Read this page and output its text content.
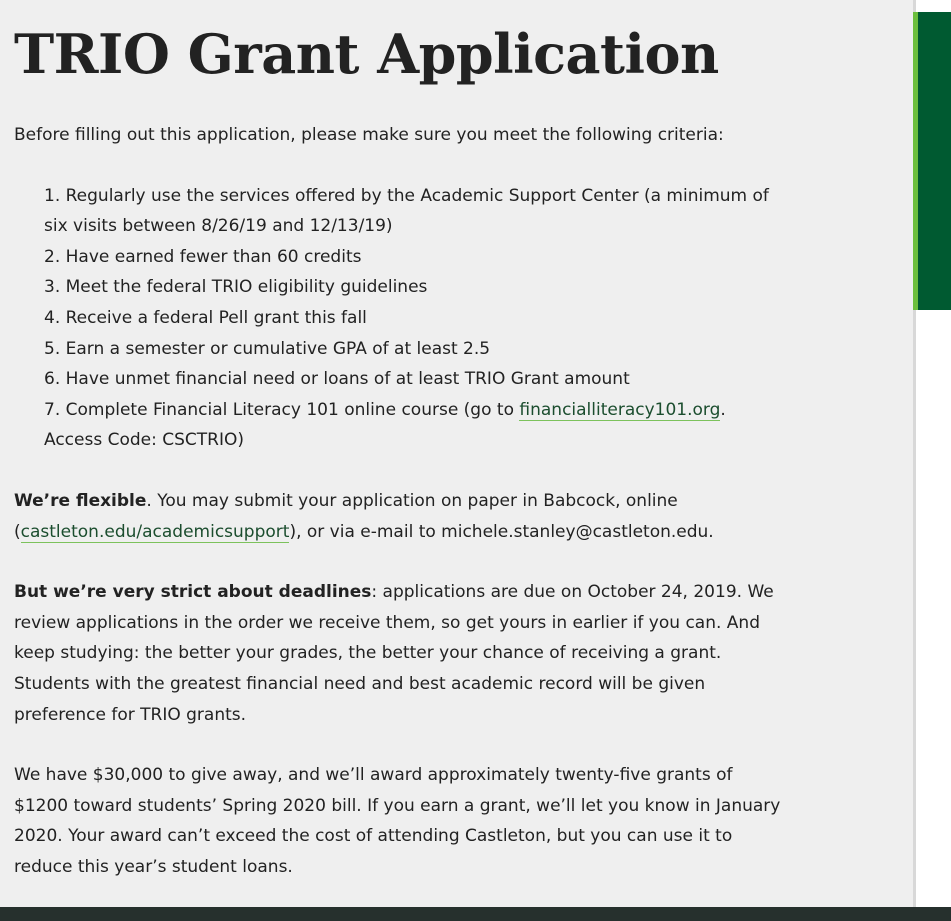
TRIO Grant Application

Before filling out this application, please make sure you meet the following criteria:

1. Regularly use the services offered by the Academic Support Center (a minimum of six visits between 8/26/19 and 12/13/19)
2. Have earned fewer than 60 credits
3. Meet the federal TRIO eligibility guidelines
4. Receive a federal Pell grant this fall
5. Earn a semester or cumulative GPA of at least 2.5
6. Have unmet financial need or loans of at least TRIO Grant amount
7. Complete Financial Literacy 101 online course (go to financialliteracy101.org. Access Code: CSCTRIO)

We’re flexible. You may submit your application on paper in Babcock, online (castleton.edu/academicsupport), or via e-mail to michele.stanley@castleton.edu.

But we’re very strict about deadlines: applications are due on October 24, 2019. We review applications in the order we receive them, so get yours in earlier if you can. And keep studying: the better your grades, the better your chance of receiving a grant. Students with the greatest financial need and best academic record will be given preference for TRIO grants.

We have $30,000 to give away, and we’ll award approximately twenty-five grants of $1200 toward students’ Spring 2020 bill. If you earn a grant, we’ll let you know in January 2020. Your award can’t exceed the cost of attending Castleton, but you can use it to reduce this year’s student loans.
